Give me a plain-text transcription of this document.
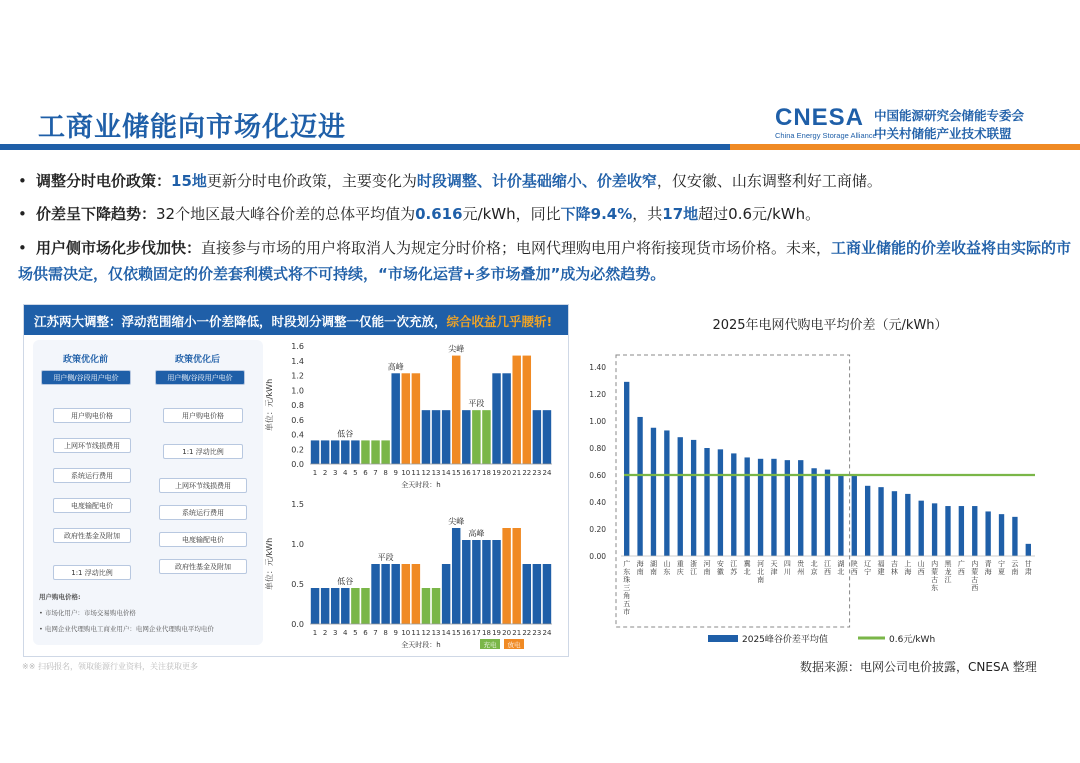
工商业储能向市场化迈进	CNESA
China Energy Storage Alliance
中国能源研究会储能专委会
中关村储能产业技术联盟
• 调整分时电价政策：15地更新分时电价政策，主要变化为时段调整、计价基础缩小、价差收窄，仅安徽、山东调整利好工商储。
• 价差呈下降趋势：32个地区最大峰谷价差的总体平均值为0.616元/kWh，同比下降9.4%，共17地超过0.6元/kWh。
• 用户侧市场化步伐加快：直接参与市场的用户将取消人为规定分时价格；电网代理购电用户将衔接现货市场价格。未来，工商业储能的价差收益将由实际的市场供需决定，仅依赖固定的价差套利模式将不可持续，“市场化运营+多市场叠加”成为必然趋势。
江苏两大调整：浮动范围缩小一价差降低，时段划分调整一仅能一次充放，综合收益几乎腰斩!
政策优化前	政策优化后
用户侧/谷段用户电价	用户侧/谷段用户电价
用户购电价格
上网环节线损费用
系统运行费用
电度输配电价
政府性基金及附加
1:1 浮动比例
用户购电价格
1:1 浮动比例
上网环节线损费用
系统运行费用
电度输配电价
政府性基金及附加
用户购电价格:
• 市场化用户：市场交易购电价格
• 电网企业代理购电工商业用户：电网企业代理购电平均电价
0.0
0.2
0.4
0.6
0.8
1.0
1.2
1.4
1.6
单位：元/kWh
1 2 3 4 5 6 7 8 9 10 11 12 13 14 15 16 17 18 19 20 21 22 23 24
全天时段：h
低谷
高峰
尖峰
平段
0.0
0.5
1.0
1.5
单位：元/kWh
1 2 3 4 5 6 7 8 9 10 11 12 13 14 15 16 17 18 19 20 21 22 23 24
全天时段：h
低谷
平段
尖峰
高峰
充电 放电
2025年电网代购电平均价差（元/kWh）
0.00
0.20
0.40
0.60
0.80
1.00
1.20
1.40
广东珠三角五市
海南
湖南
山东
重庆
浙江
河南
安徽
江苏
冀北
河北南
天津
四川
贵州
北京
江西
湖北
陕西
辽宁
福建
吉林
上海
山西
内蒙古东
黑龙江
广西
内蒙古西
青海
宁夏
云南
甘肃
2025峰谷价差平均值	0.6元/kWh
※※ 扫码报名，领取能源行业资料，关注获取更多	数据来源：电网公司电价披露，CNESA 整理
